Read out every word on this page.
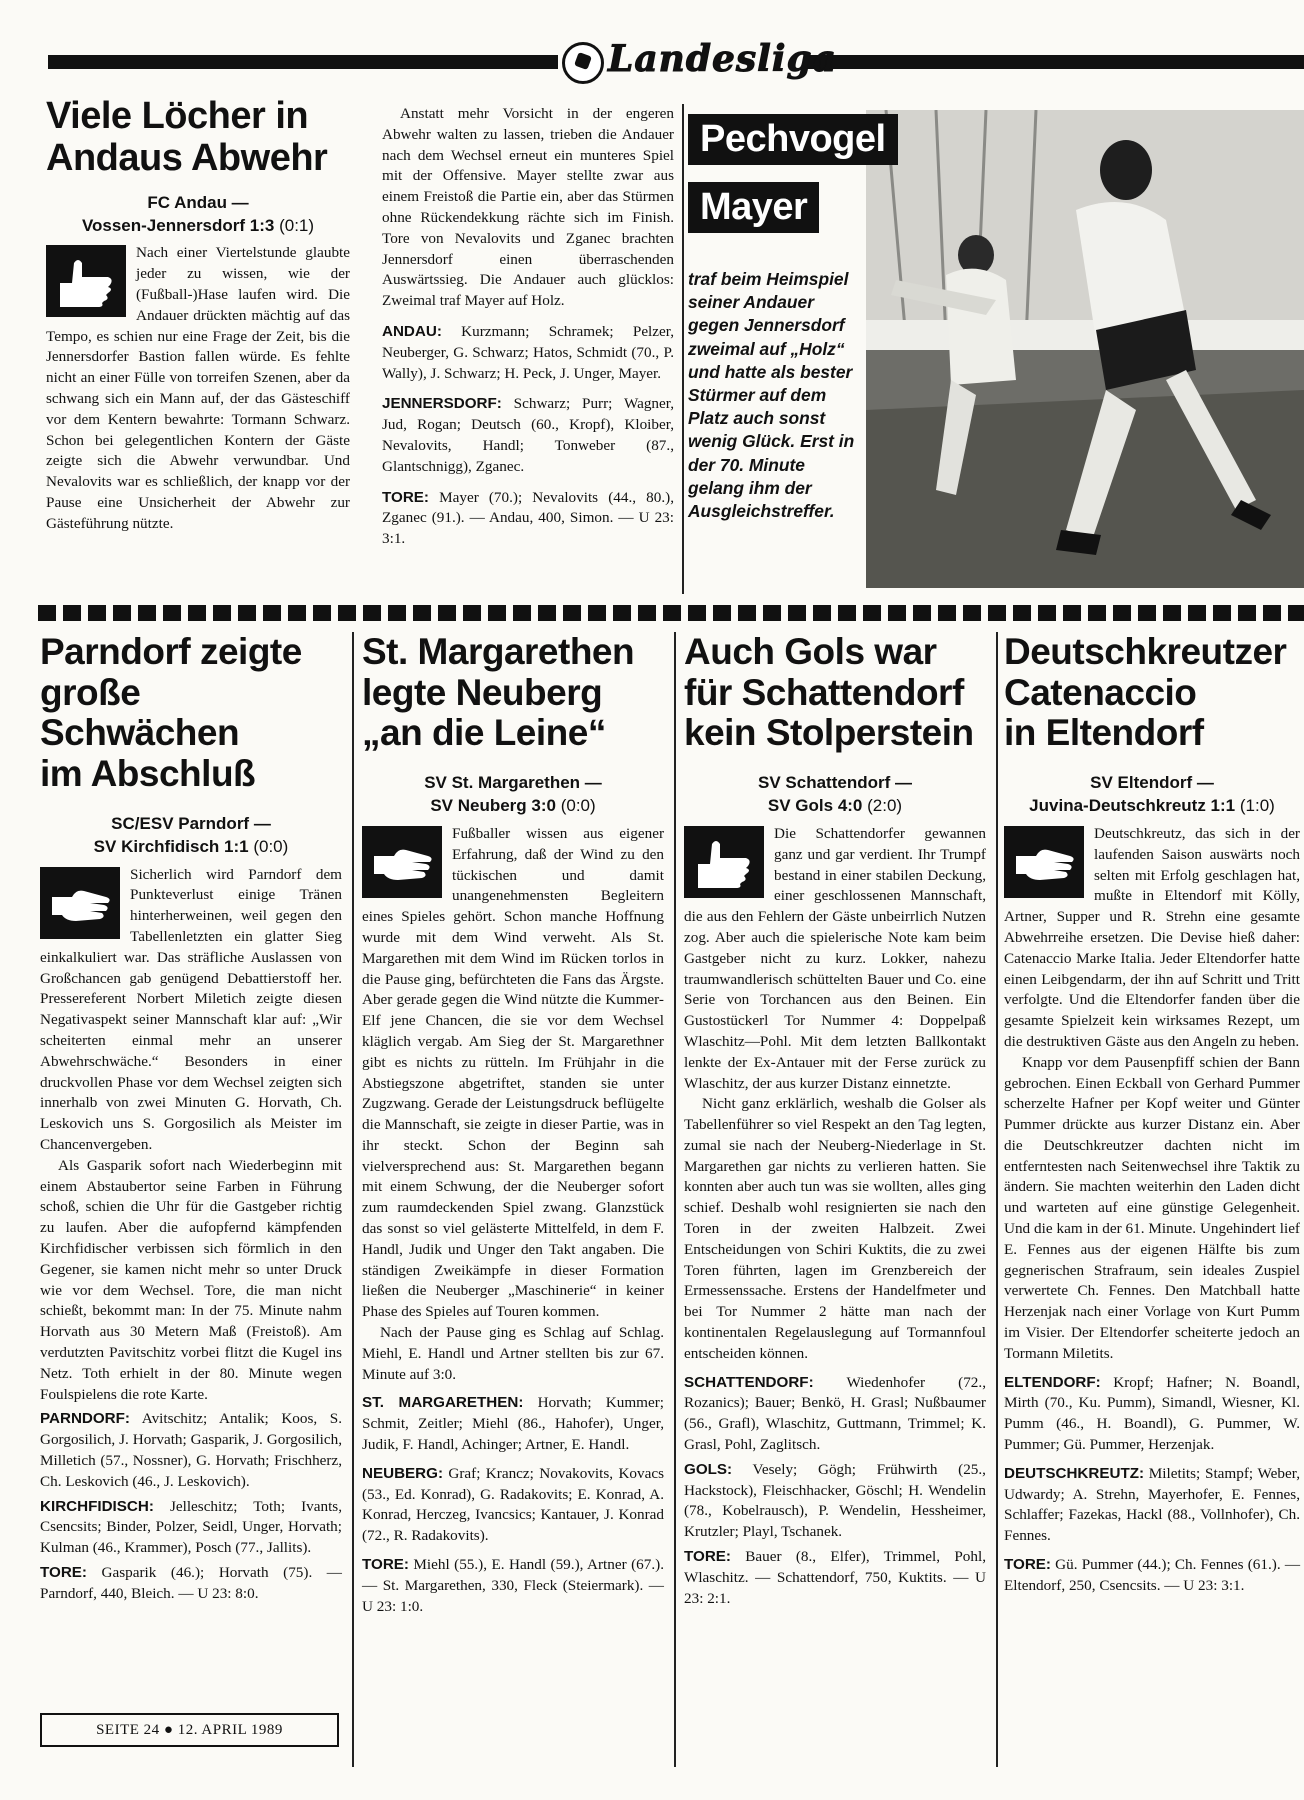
Landesliga
Viele Löcher in
Andaus Abwehr
FC Andau —
Vossen-Jennersdorf 1:3 (0:1)

Nach einer Viertelstunde glaubte jeder zu wissen, wie der (Fußball-)Hase laufen wird. Die Andauer drückten mächtig auf das Tempo, es schien nur eine Frage der Zeit, bis die Jennersdorfer Bastion fallen würde. Es fehlte nicht an einer Fülle von torreifen Szenen, aber da schwang sich ein Mann auf, der das Gästeschiff vor dem Kentern bewahrte: Tormann Schwarz. Schon bei gelegentlichen Kontern der Gäste zeigte sich die Abwehr verwundbar. Und Nevalovits war es schließlich, der knapp vor der Pause eine Unsicherheit der Abwehr zur Gästeführung nützte.

Anstatt mehr Vorsicht in der engeren Abwehr walten zu lassen, trieben die Andauer nach dem Wechsel erneut ein munteres Spiel mit der Offensive. Mayer stellte zwar aus einem Freistoß die Partie ein, aber das Stürmen ohne Rückendekkung rächte sich im Finish. Tore von Nevalovits und Zganec brachten Jennersdorf einen überraschenden Auswärtssieg. Die Andauer auch glücklos: Zweimal traf Mayer auf Holz.

ANDAU: Kurzmann; Schramek; Pelzer, Neuberger, G. Schwarz; Hatos, Schmidt (70., P. Wally), J. Schwarz; H. Peck, J. Unger, Mayer.

JENNERSDORF: Schwarz; Purr; Wagner, Jud, Rogan; Deutsch (60., Kropf), Kloiber, Nevalovits, Handl; Tonweber (87., Glantschnigg), Zganec.

TORE: Mayer (70.); Nevalovits (44., 80.), Zganec (91.). — Andau, 400, Simon. — U 23: 3:1.

Pechvogel
Mayer
traf beim Heimspiel seiner Andauer gegen Jennersdorf zweimal auf „Holz“ und hatte als bester Stürmer auf dem Platz auch sonst wenig Glück. Erst in der 70. Minute gelang ihm der Ausgleichstreffer.
Parndorf zeigte
große Schwächen
im Abschluß
SC/ESV Parndorf —
SV Kirchfidisch 1:1 (0:0)

Sicherlich wird Parndorf dem Punkteverlust einige Tränen hinterherweinen, weil gegen den Tabellenletzten ein glatter Sieg einkalkuliert war. Das sträfliche Auslassen von Großchancen gab genügend Debattierstoff her. Pressereferent Norbert Miletich zeigte diesen Negativaspekt seiner Mannschaft klar auf: „Wir scheiterten einmal mehr an unserer Abwehrschwäche.“ Besonders in einer druckvollen Phase vor dem Wechsel zeigten sich innerhalb von zwei Minuten G. Horvath, Ch. Leskovich uns S. Gorgosilich als Meister im Chancenvergeben.

Als Gasparik sofort nach Wiederbeginn mit einem Abstaubertor seine Farben in Führung schoß, schien die Uhr für die Gastgeber richtig zu laufen. Aber die aufopfernd kämpfenden Kirchfidischer verbissen sich förmlich in den Gegener, sie kamen nicht mehr so unter Druck wie vor dem Wechsel. Tore, die man nicht schießt, bekommt man: In der 75. Minute nahm Horvath aus 30 Metern Maß (Freistoß). Am verdutzten Pavitschitz vorbei flitzt die Kugel ins Netz. Toth erhielt in der 80. Minute wegen Foulspielens die rote Karte.

PARNDORF: Avitschitz; Antalik; Koos, S. Gorgosilich, J. Horvath; Gasparik, J. Gorgosilich, Milletich (57., Nossner), G. Horvath; Frischherz, Ch. Leskovich (46., J. Leskovich).

KIRCHFIDISCH: Jelleschitz; Toth; Ivants, Csencsits; Binder, Polzer, Seidl, Unger, Horvath; Kulman (46., Krammer), Posch (77., Jallits).

TORE: Gasparik (46.); Horvath (75). — Parndorf, 440, Bleich. — U 23: 8:0.

St. Margarethen
legte Neuberg
„an die Leine“
SV St. Margarethen —
SV Neuberg 3:0 (0:0)

Fußballer wissen aus eigener Erfahrung, daß der Wind zu den tückischen und damit unangenehmensten Begleitern eines Spieles gehört. Schon manche Hoffnung wurde mit dem Wind verweht. Als St. Margarethen mit dem Wind im Rücken torlos in die Pause ging, befürchteten die Fans das Ärgste. Aber gerade gegen die Wind nützte die Kummer-Elf jene Chancen, die sie vor dem Wechsel kläglich vergab. Am Sieg der St. Margarethner gibt es nichts zu rütteln. Im Frühjahr in die Abstiegszone abgetriftet, standen sie unter Zugzwang. Gerade der Leistungsdruck beflügelte die Mannschaft, sie zeigte in dieser Partie, was in ihr steckt. Schon der Beginn sah vielversprechend aus: St. Margarethen begann mit einem Schwung, der die Neuberger sofort zum raumdeckenden Spiel zwang. Glanzstück das sonst so viel gelästerte Mittelfeld, in dem F. Handl, Judik und Unger den Takt angaben. Die ständigen Zweikämpfe in dieser Formation ließen die Neuberger „Maschinerie“ in keiner Phase des Spieles auf Touren kommen.

Nach der Pause ging es Schlag auf Schlag. Miehl, E. Handl und Artner stellten bis zur 67. Minute auf 3:0.

ST. MARGARETHEN: Horvath; Kummer; Schmit, Zeitler; Miehl (86., Hahofer), Unger, Judik, F. Handl, Achinger; Artner, E. Handl.

NEUBERG: Graf; Krancz; Novakovits, Kovacs (53., Ed. Konrad), G. Radakovits; E. Konrad, A. Konrad, Herczeg, Ivancsics; Kantauer, J. Konrad (72., R. Radakovits).

TORE: Miehl (55.), E. Handl (59.), Artner (67.). — St. Margarethen, 330, Fleck (Steiermark). — U 23: 1:0.

Auch Gols war
für Schattendorf
kein Stolperstein
SV Schattendorf —
SV Gols 4:0 (2:0)

Die Schattendorfer gewannen ganz und gar verdient. Ihr Trumpf bestand in einer stabilen Deckung, einer geschlossenen Mannschaft, die aus den Fehlern der Gäste unbeirrlich Nutzen zog. Aber auch die spielerische Note kam beim Gastgeber nicht zu kurz. Lokker, nahezu traumwandlerisch schüttelten Bauer und Co. eine Serie von Torchancen aus den Beinen. Ein Gustostückerl Tor Nummer 4: Doppelpaß Wlaschitz—Pohl. Mit dem letzten Ballkontakt lenkte der Ex-Antauer mit der Ferse zurück zu Wlaschitz, der aus kurzer Distanz einnetzte.

Nicht ganz erklärlich, weshalb die Golser als Tabellenführer so viel Respekt an den Tag legten, zumal sie nach der Neuberg-Niederlage in St. Margarethen gar nichts zu verlieren hatten. Sie konnten aber auch tun was sie wollten, alles ging schief. Deshalb wohl resignierten sie nach den Toren in der zweiten Halbzeit. Zwei Entscheidungen von Schiri Kuktits, die zu zwei Toren führten, lagen im Grenzbereich der Ermessenssache. Erstens der Handelfmeter und bei Tor Nummer 2 hätte man nach der kontinentalen Regelauslegung auf Tormannfoul entscheiden können.

SCHATTENDORF: Wiedenhofer (72., Rozanics); Bauer; Benkö, H. Grasl; Nußbaumer (56., Grafl), Wlaschitz, Guttmann, Trimmel; K. Grasl, Pohl, Zaglitsch.

GOLS: Vesely; Gögh; Frühwirth (25., Hackstock), Fleischhacker, Göschl; H. Wendelin (78., Kobelrausch), P. Wendelin, Hessheimer, Krutzler; Playl, Tschanek.

TORE: Bauer (8., Elfer), Trimmel, Pohl, Wlaschitz. — Schattendorf, 750, Kuktits. — U 23: 2:1.

Deutschkreutzer
Catenaccio
in Eltendorf
SV Eltendorf —
Juvina-Deutschkreutz 1:1 (1:0)

Deutschkreutz, das sich in der laufenden Saison auswärts noch selten mit Erfolg geschlagen hat, mußte in Eltendorf mit Kölly, Artner, Supper und R. Strehn eine gesamte Abwehrreihe ersetzen. Die Devise hieß daher: Catenaccio Marke Italia. Jeder Eltendorfer hatte einen Leibgendarm, der ihn auf Schritt und Tritt verfolgte. Und die Eltendorfer fanden über die gesamte Spielzeit kein wirksames Rezept, um die destruktiven Gäste aus den Angeln zu heben.

Knapp vor dem Pausenpfiff schien der Bann gebrochen. Einen Eckball von Gerhard Pummer scherzelte Hafner per Kopf weiter und Günter Pummer drückte aus kurzer Distanz ein. Aber die Deutschkreutzer dachten nicht im entferntesten nach Seitenwechsel ihre Taktik zu ändern. Sie machten weiterhin den Laden dicht und warteten auf eine günstige Gelegenheit. Und die kam in der 61. Minute. Ungehindert lief E. Fennes aus der eigenen Hälfte bis zum gegnerischen Strafraum, sein ideales Zuspiel verwertete Ch. Fennes. Den Matchball hatte Herzenjak nach einer Vorlage von Kurt Pumm im Visier. Der Eltendorfer scheiterte jedoch an Tormann Miletits.

ELTENDORF: Kropf; Hafner; N. Boandl, Mirth (70., Ku. Pumm), Simandl, Wiesner, Kl. Pumm (46., H. Boandl), G. Pummer, W. Pummer; Gü. Pummer, Herzenjak.

DEUTSCHKREUTZ: Miletits; Stampf; Weber, Udwardy; A. Strehn, Mayerhofer, E. Fennes, Schlaffer; Fazekas, Hackl (88., Vollnhofer), Ch. Fennes.

TORE: Gü. Pummer (44.); Ch. Fennes (61.). — Eltendorf, 250, Csencsits. — U 23: 3:1.

SEITE 24 ● 12. APRIL 1989
